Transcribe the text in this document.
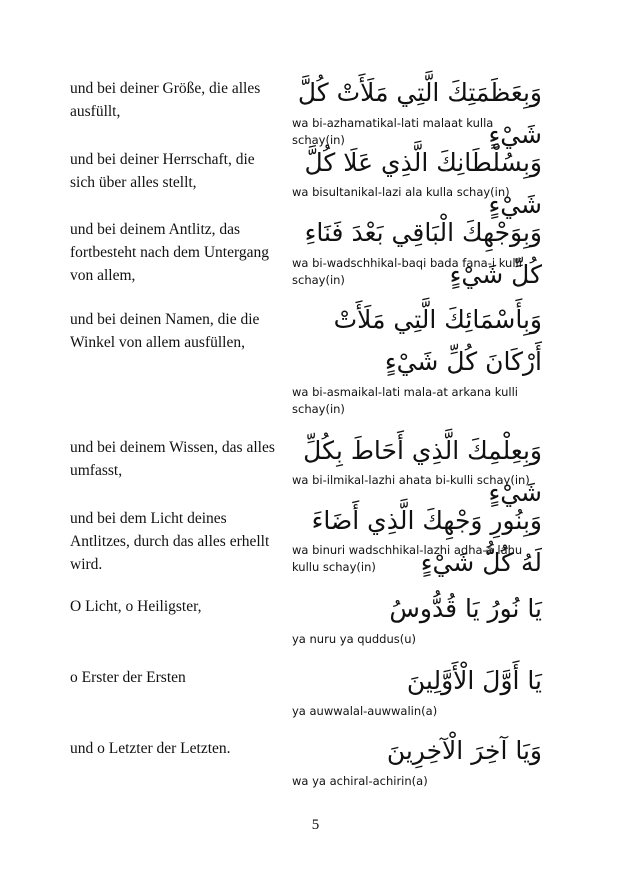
und bei deiner Größe, die alles ausfüllt,
وَبِعَظَمَتِكَ الَّتِي مَلَأَتْ كُلَّ شَيْءٍ
wa bi-azhamatikal-lati malaat kulla schay(in)
und bei deiner Herrschaft, die sich über alles stellt,
وَبِسُلْطَانِكَ الَّذِي عَلَا كُلَّ شَيْءٍ
wa bisultanikal-lazi ala kulla schay(in)
und bei deinem Antlitz, das fortbesteht nach dem Untergang von allem,
وَبِوَجْهِكَ الْبَاقِي بَعْدَ فَنَاءِ كُلِّ شَيْءٍ
wa bi-wadschhikal-baqi bada fana-i kulli schay(in)
und bei deinen Namen, die die Winkel von allem ausfüllen,
وَبِأَسْمَائِكَ الَّتِي مَلَأَتْ أَرْكَانَ كُلِّ شَيْءٍ
wa bi-asmaikal-lati mala-at arkana kulli schay(in)
und bei deinem Wissen, das alles umfasst,
وَبِعِلْمِكَ الَّذِي أَحَاطَ بِكُلِّ شَيْءٍ
wa bi-ilmikal-lazhi ahata bi-kulli schay(in)
und bei dem Licht deines Antlitzes, durch das alles erhellt wird.
وَبِنُورِ وَجْهِكَ الَّذِي أَضَاءَ لَهُ كُلُّ شَيْءٍ
wa binuri wadschhikal-lazhi adha-a lahu kullu schay(in)
O Licht, o Heiligster,	يَا نُورُ يَا قُدُّوسُ
ya nuru ya quddus(u)
o Erster der Ersten	يَا أَوَّلَ الْأَوَّلِينَ
ya auwwalal-auwwalin(a)
und o Letzter der Letzten.	وَيَا آخِرَ الْآخِرِينَ
wa ya achiral-achirin(a)
5
